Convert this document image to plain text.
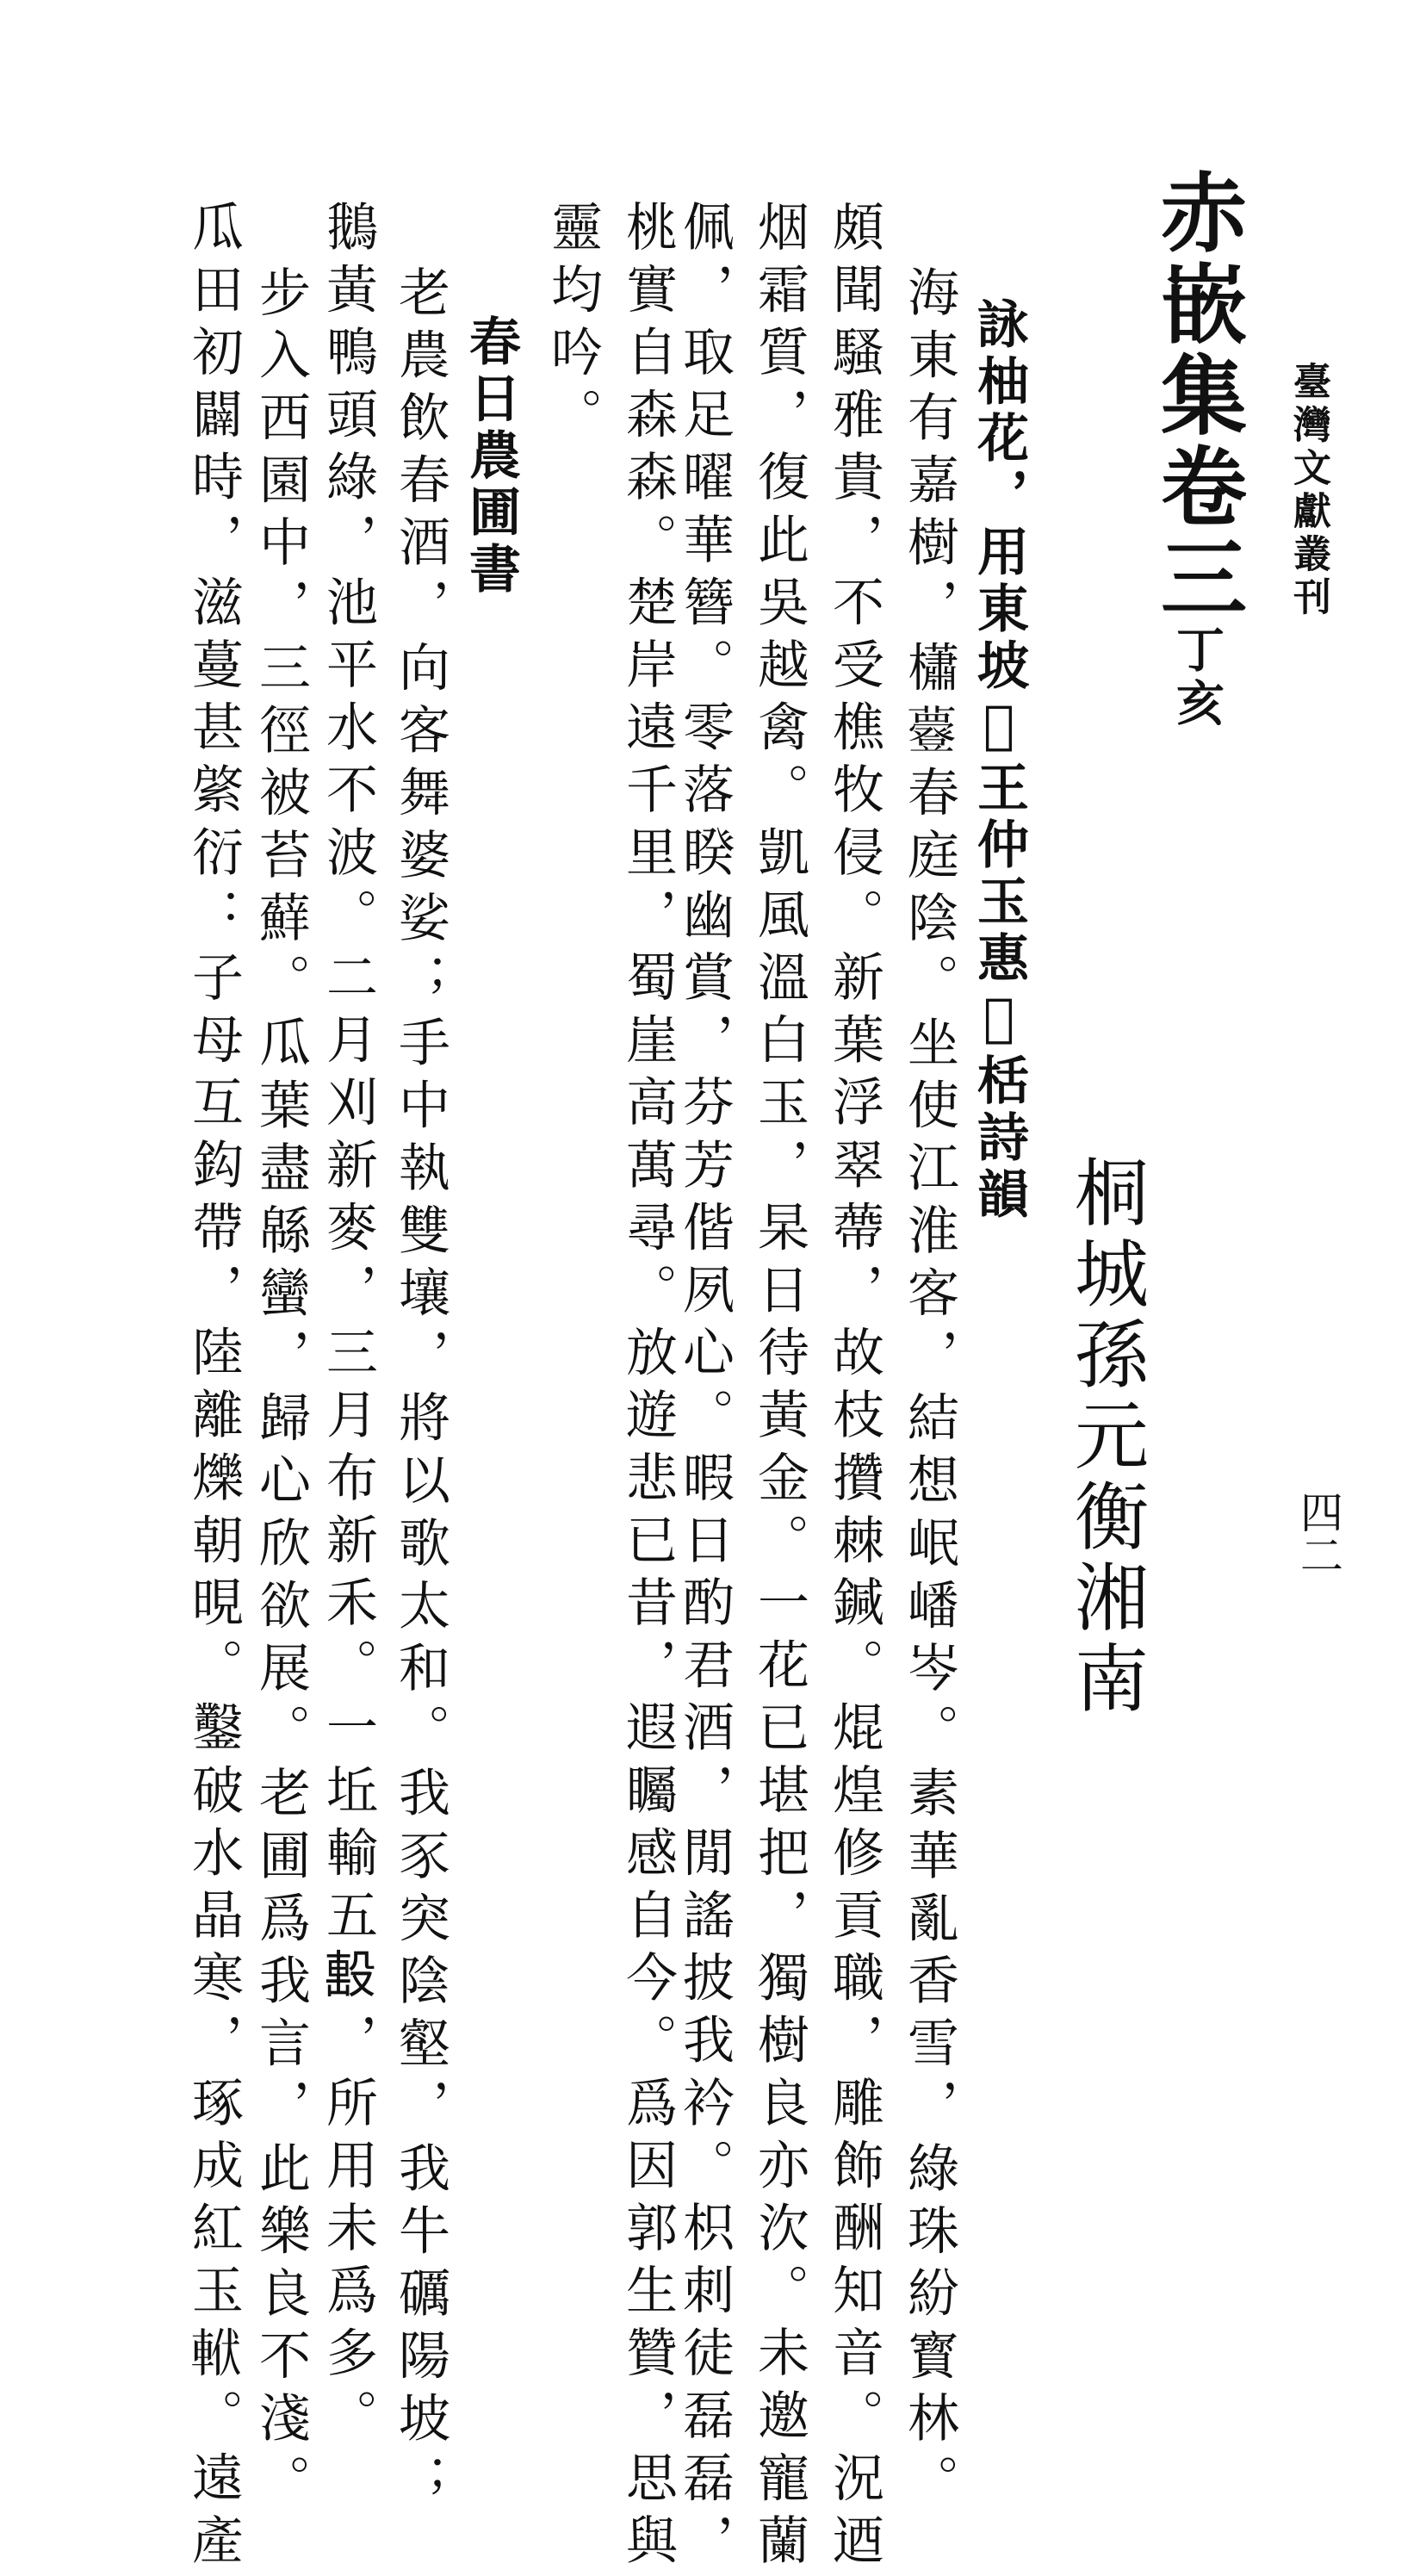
臺灣文獻叢刊
四二
赤嵌集卷三丁亥
桐城孫元衡湘南
詠柚花，用東坡𦙚王仲玉惠𧃾栝詩韻
海東有嘉樹，櫹𧄼春庭陰。坐使江淮客，結想岷嶓岑。素華亂香雪，綠珠紛寳林。
頗聞騷雅貴，不受樵牧侵。新葉浮翠蔕，故枝攢棘鍼。焜煌修貢職，雕飾酬知音。況迺
烟霜質，復此吳越禽。凱風溫白玉，杲日待黃金。一花已堪把，獨樹良亦㳄。未邀寵蘭
佩，取足曜華簪。零落睽幽賞，芬芳偕夙心。暇日酌君酒，閒謠披我衿。枳刺徒磊磊，
桃實自森森。楚岸遠千里，蜀崖高萬尋。放遊悲已昔，遐矚感自今。爲因郭生贊，思與
靈均吟。
春日農圃書
老農飲春酒，向客舞婆娑；手中執雙壤，將以歌太和。我豕突陰壑，我牛礪陽坡；
鵝黃鴨頭綠，池平水不波。二月刈新麥，三月布新禾。一坵輸五𣪠，所用未爲多。
步入西園中，三徑被苔蘚。瓜葉盡緜蠻，歸心欣欲展。老圃爲我言，此樂良不淺。
瓜田初闢時，滋蔓甚綮衍：子母互鈎帶，陸離爍朝晛。鑿破水晶寒，琢成紅玉𨋩。遠產
